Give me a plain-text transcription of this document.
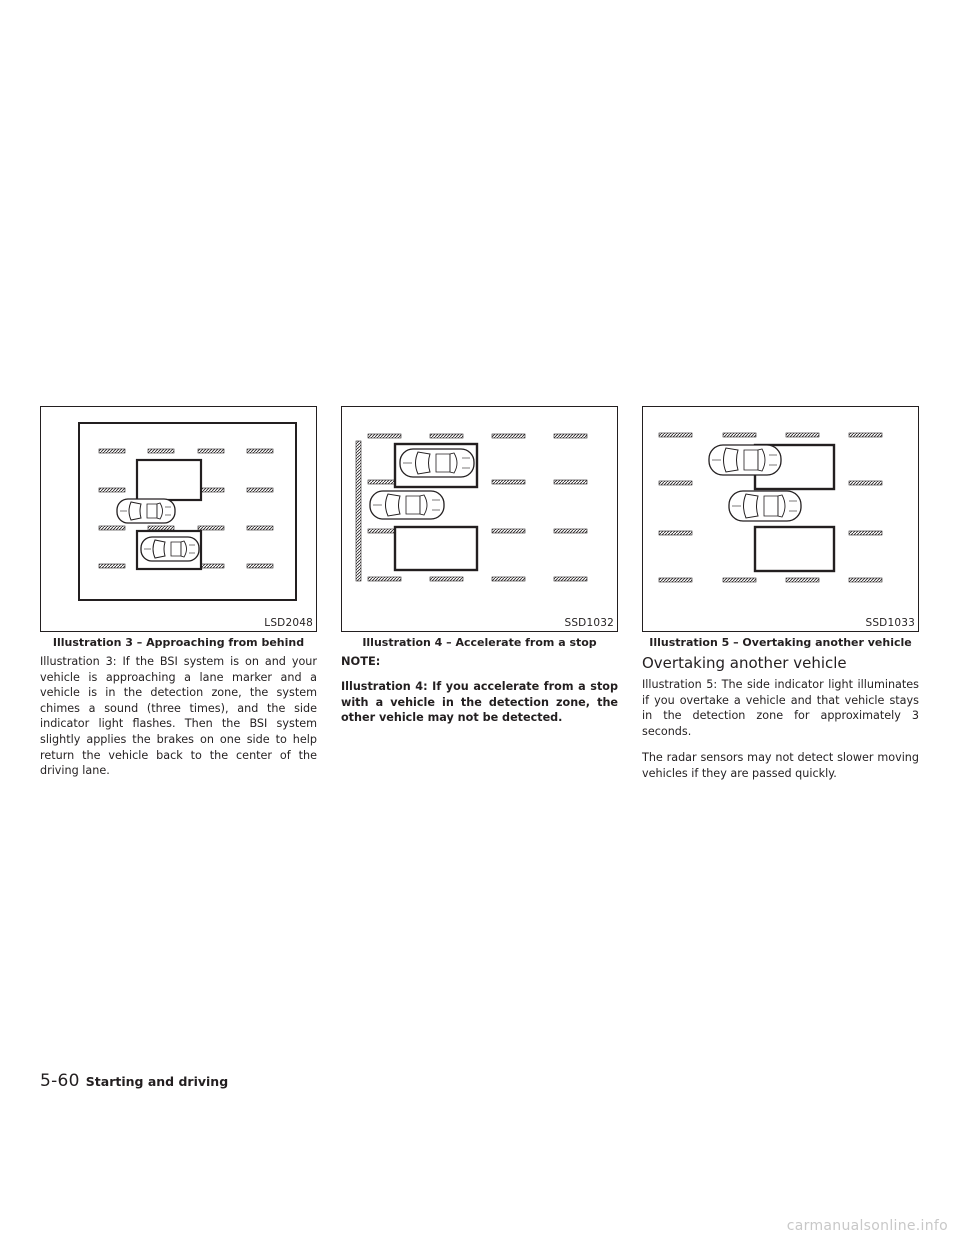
LSD2048
Illustration 3 – Approaching from behind

Illustration 3: If the BSI system is on and your vehicle is approaching a lane marker and a vehicle is in the detection zone, the system chimes a sound (three times), and the side indicator light flashes. Then the BSI system slightly applies the brakes on one side to help return the vehicle back to the center of the driving lane.

SSD1032
Illustration 4 – Accelerate from a stop
NOTE:
Illustration 4: If you accelerate from a stop with a vehicle in the detection zone, the other vehicle may not be detected.
SSD1033
Illustration 5 – Overtaking another vehicle
Overtaking another vehicle

Illustration 5: The side indicator light illuminates if you overtake a vehicle and that vehicle stays in the detection zone for approximately 3 seconds.

The radar sensors may not detect slower moving vehicles if they are passed quickly.

5-60 Starting and driving
carmanualsonline.info
